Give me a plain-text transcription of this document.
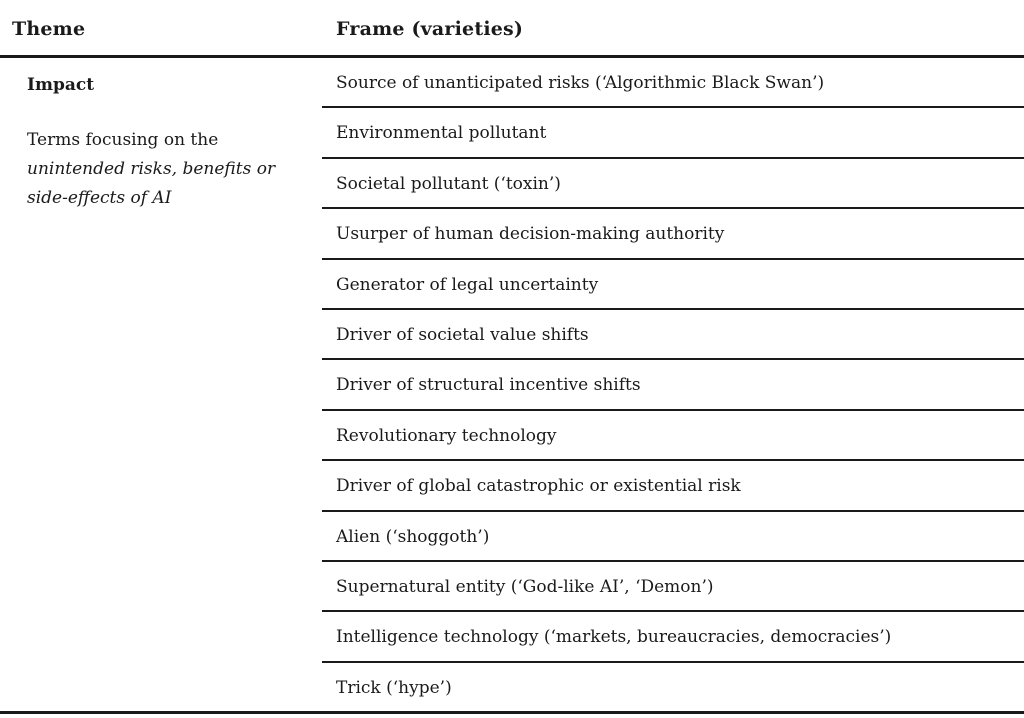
Theme	Frame (varieties)
Impact
Terms focusing on the
unintended risks, benefits or side-effects of AI
Source of unanticipated risks (‘Algorithmic Black Swan’)
Environmental pollutant
Societal pollutant (‘toxin’)
Usurper of human decision-making authority
Generator of legal uncertainty
Driver of societal value shifts
Driver of structural incentive shifts
Revolutionary technology
Driver of global catastrophic or existential risk
Alien (‘shoggoth’)
Supernatural entity (‘God-like AI’, ‘Demon’)
Intelligence technology (‘markets, bureaucracies, democracies’)
Trick (‘hype’)
